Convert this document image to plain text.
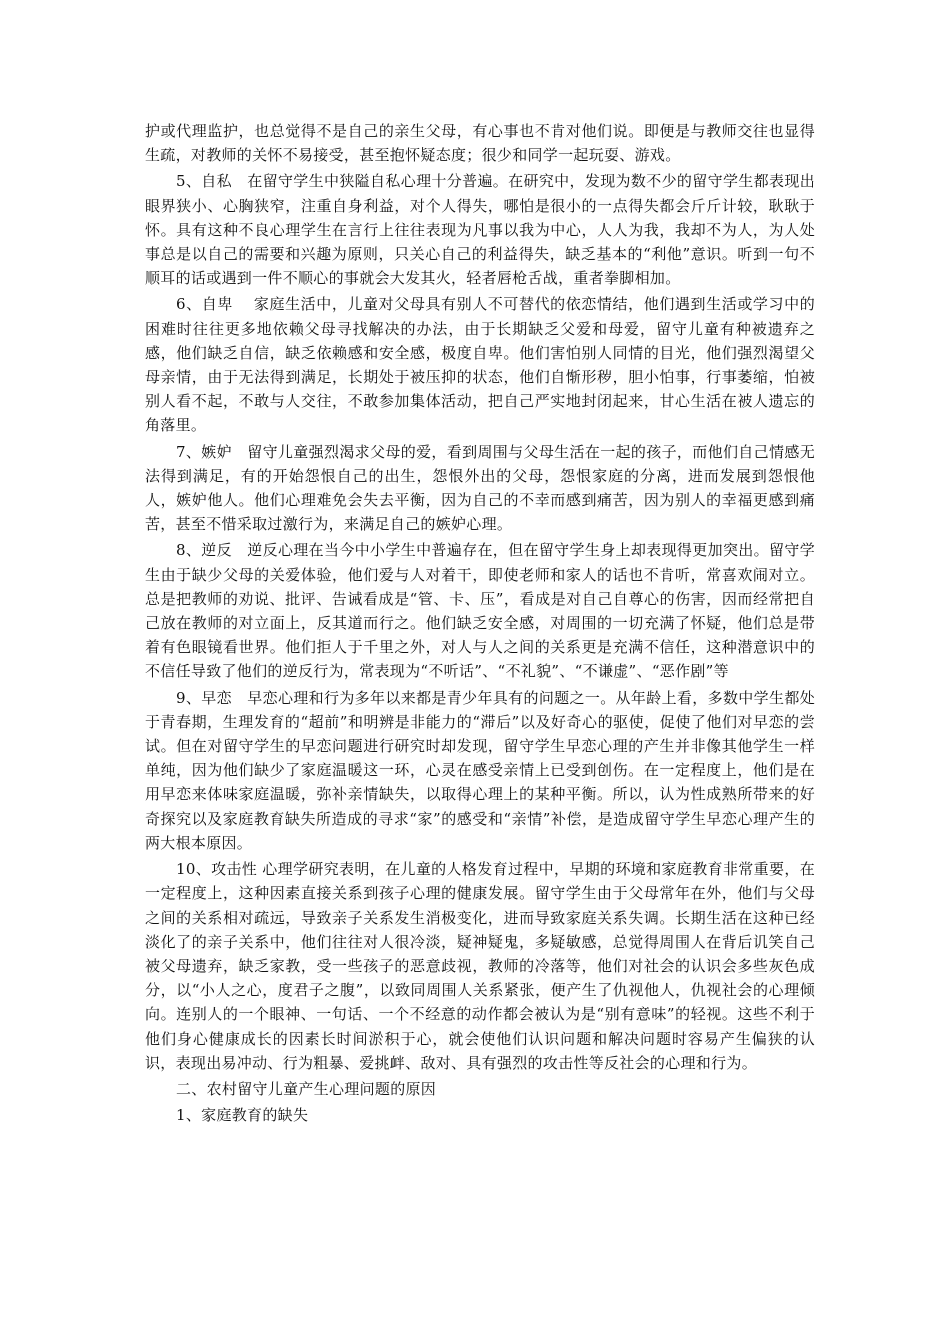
护或代理监护，也总觉得不是自己的亲生父母，有心事也不肯对他们说。即便是与教师交往也显得生疏，对教师的关怀不易接受，甚至抱怀疑态度；很少和同学一起玩耍、游戏。

5、自私　在留守学生中狭隘自私心理十分普遍。在研究中，发现为数不少的留守学生都表现出眼界狭小、心胸狭窄，注重自身利益，对个人得失，哪怕是很小的一点得失都会斤斤计较，耿耿于怀。具有这种不良心理学生在言行上往往表现为凡事以我为中心，人人为我，我却不为人，为人处事总是以自己的需要和兴趣为原则，只关心自己的利益得失，缺乏基本的“利他”意识。听到一句不顺耳的话或遇到一件不顺心的事就会大发其火，轻者唇枪舌战，重者拳脚相加。

6、自卑　 家庭生活中，儿童对父母具有别人不可替代的依恋情结，他们遇到生活或学习中的困难时往往更多地依赖父母寻找解决的办法，由于长期缺乏父爱和母爱，留守儿童有种被遗弃之感，他们缺乏自信，缺乏依赖感和安全感，极度自卑。他们害怕别人同情的目光，他们强烈渴望父母亲情，由于无法得到满足，长期处于被压抑的状态，他们自惭形秽，胆小怕事，行事萎缩，怕被别人看不起，不敢与人交往，不敢参加集体活动，把自己严实地封闭起来，甘心生活在被人遗忘的角落里。

7、嫉妒　留守儿童强烈渴求父母的爱，看到周围与父母生活在一起的孩子，而他们自己情感无法得到满足，有的开始怨恨自己的出生，怨恨外出的父母，怨恨家庭的分离，进而发展到怨恨他人，嫉妒他人。他们心理难免会失去平衡，因为自己的不幸而感到痛苦，因为别人的幸福更感到痛苦，甚至不惜采取过激行为，来满足自己的嫉妒心理。

8、逆反　逆反心理在当今中小学生中普遍存在，但在留守学生身上却表现得更加突出。留守学生由于缺少父母的关爱体验，他们爱与人对着干，即使老师和家人的话也不肯听，常喜欢闹对立。总是把教师的劝说、批评、告诫看成是“管、卡、压”，看成是对自己自尊心的伤害，因而经常把自己放在教师的对立面上，反其道而行之。他们缺乏安全感，对周围的一切充满了怀疑，他们总是带着有色眼镜看世界。他们拒人于千里之外，对人与人之间的关系更是充满不信任，这种潜意识中的不信任导致了他们的逆反行为，常表现为“不听话”、“不礼貌”、“不谦虚”、“恶作剧”等

9、早恋　早恋心理和行为多年以来都是青少年具有的问题之一。从年龄上看，多数中学生都处于青春期，生理发育的“超前”和明辨是非能力的“滞后”以及好奇心的驱使，促使了他们对早恋的尝试。但在对留守学生的早恋问题进行研究时却发现，留守学生早恋心理的产生并非像其他学生一样单纯，因为他们缺少了家庭温暖这一环，心灵在感受亲情上已受到创伤。在一定程度上，他们是在用早恋来体味家庭温暖，弥补亲情缺失，以取得心理上的某种平衡。所以，认为性成熟所带来的好奇探究以及家庭教育缺失所造成的寻求“家”的感受和“亲情”补偿，是造成留守学生早恋心理产生的两大根本原因。

10、攻击性 心理学研究表明，在儿童的人格发育过程中，早期的环境和家庭教育非常重要，在一定程度上，这种因素直接关系到孩子心理的健康发展。留守学生由于父母常年在外，他们与父母之间的关系相对疏远，导致亲子关系发生消极变化，进而导致家庭关系失调。长期生活在这种已经淡化了的亲子关系中，他们往往对人很冷淡，疑神疑鬼，多疑敏感，总觉得周围人在背后讥笑自己被父母遗弃，缺乏家教，受一些孩子的恶意歧视，教师的冷落等，他们对社会的认识会多些灰色成分，以“小人之心，度君子之腹”，以致同周围人关系紧张，便产生了仇视他人，仇视社会的心理倾向。连别人的一个眼神、一句话、一个不经意的动作都会被认为是“别有意味”的轻视。这些不利于他们身心健康成长的因素长时间淤积于心，就会使他们认识问题和解决问题时容易产生偏狭的认识，表现出易冲动、行为粗暴、爱挑衅、敌对、具有强烈的攻击性等反社会的心理和行为。

二、农村留守儿童产生心理问题的原因

1、家庭教育的缺失
